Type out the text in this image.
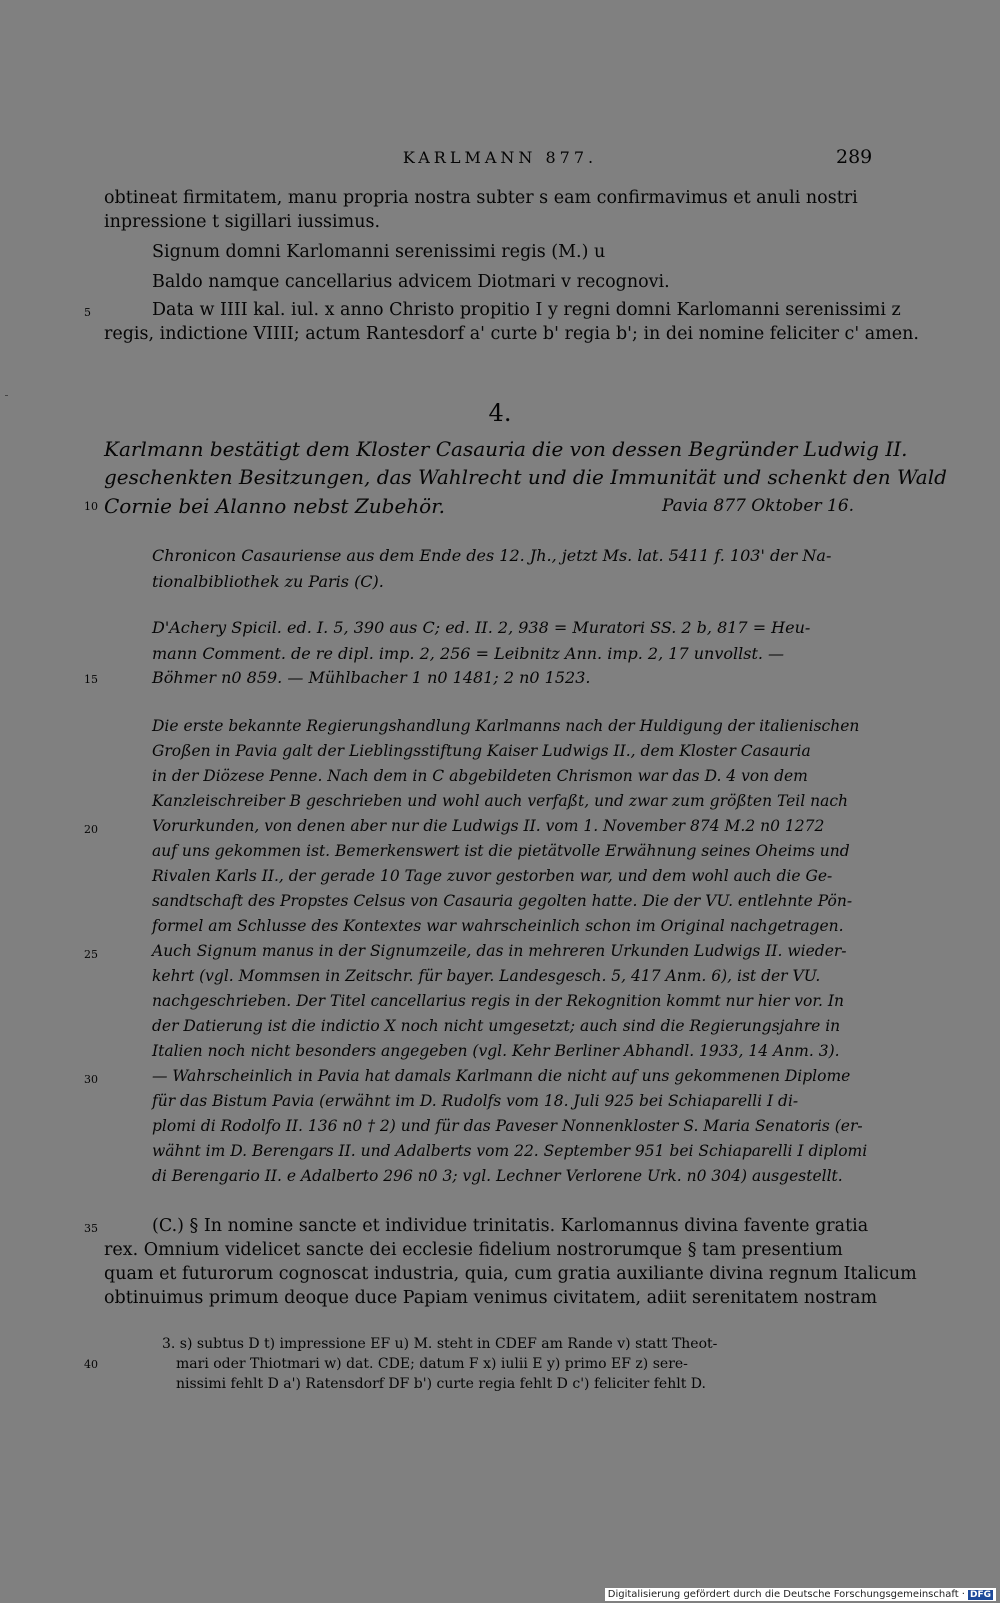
KARLMANN 877.	289
obtineat firmitatem, manu propria nostra subter s eam confirmavimus et anuli nostri
inpressione t sigillari iussimus.
Signum domni Karlomanni serenissimi regis (M.) u
Baldo namque cancellarius advicem Diotmari v recognovi.
5	Data w IIII kal. iul. x anno Christo propitio I y regni domni Karlomanni serenissimi z
regis, indictione VIIII; actum Rantesdorf a' curte b' regia b'; in dei nomine feliciter c' amen.
4.
Karlmann bestätigt dem Kloster Casauria die von dessen Begründer Ludwig II.
geschenkten Besitzungen, das Wahlrecht und die Immunität und schenkt den Wald
10 Cornie bei Alanno nebst Zubehör.	Pavia 877 Oktober 16.
Chronicon Casauriense aus dem Ende des 12. Jh., jetzt Ms. lat. 5411 f. 103' der Na-
tionalbibliothek zu Paris (C).
D'Achery Spicil. ed. I. 5, 390 aus C; ed. II. 2, 938 = Muratori SS. 2 b, 817 = Heu-
mann Comment. de re dipl. imp. 2, 256 = Leibnitz Ann. imp. 2, 17 unvollst. —
15	Böhmer n0 859. — Mühlbacher 1 n0 1481; 2 n0 1523.
Die erste bekannte Regierungshandlung Karlmanns nach der Huldigung der italienischen
Großen in Pavia galt der Lieblingsstiftung Kaiser Ludwigs II., dem Kloster Casauria
in der Diözese Penne. Nach dem in C abgebildeten Chrismon war das D. 4 von dem
Kanzleischreiber B geschrieben und wohl auch verfaßt, und zwar zum größten Teil nach
20	Vorurkunden, von denen aber nur die Ludwigs II. vom 1. November 874 M.2 n0 1272
auf uns gekommen ist. Bemerkenswert ist die pietätvolle Erwähnung seines Oheims und
Rivalen Karls II., der gerade 10 Tage zuvor gestorben war, und dem wohl auch die Ge-
sandtschaft des Propstes Celsus von Casauria gegolten hatte. Die der VU. entlehnte Pön-
formel am Schlusse des Kontextes war wahrscheinlich schon im Original nachgetragen.
25	Auch Signum manus in der Signumzeile, das in mehreren Urkunden Ludwigs II. wieder-
kehrt (vgl. Mommsen in Zeitschr. für bayer. Landesgesch. 5, 417 Anm. 6), ist der VU.
nachgeschrieben. Der Titel cancellarius regis in der Rekognition kommt nur hier vor. In
der Datierung ist die indictio X noch nicht umgesetzt; auch sind die Regierungsjahre in
Italien noch nicht besonders angegeben (vgl. Kehr Berliner Abhandl. 1933, 14 Anm. 3).
30	— Wahrscheinlich in Pavia hat damals Karlmann die nicht auf uns gekommenen Diplome
für das Bistum Pavia (erwähnt im D. Rudolfs vom 18. Juli 925 bei Schiaparelli I di-
plomi di Rodolfo II. 136 n0 † 2) und für das Paveser Nonnenkloster S. Maria Senatoris (er-
wähnt im D. Berengars II. und Adalberts vom 22. September 951 bei Schiaparelli I diplomi
di Berengario II. e Adalberto 296 n0 3; vgl. Lechner Verlorene Urk. n0 304) ausgestellt.
35	(C.) § In nomine sancte et individue trinitatis. Karlomannus divina favente gratia
rex. Omnium videlicet sancte dei ecclesie fidelium nostrorumque § tam presentium
quam et futurorum cognoscat industria, quia, cum gratia auxiliante divina regnum Italicum
obtinuimus primum deoque duce Papiam venimus civitatem, adiit serenitatem nostram
3. s) subtus D t) impressione EF u) M. steht in CDEF am Rande v) statt Theot-
40	mari oder Thiotmari w) dat. CDE; datum F x) iulii E y) primo EF z) sere-
nissimi fehlt D a') Ratensdorf DF b') curte regia fehlt D c') feliciter fehlt D.
Digitalisierung gefördert durch die Deutsche Forschungsgemeinschaft · DFG
